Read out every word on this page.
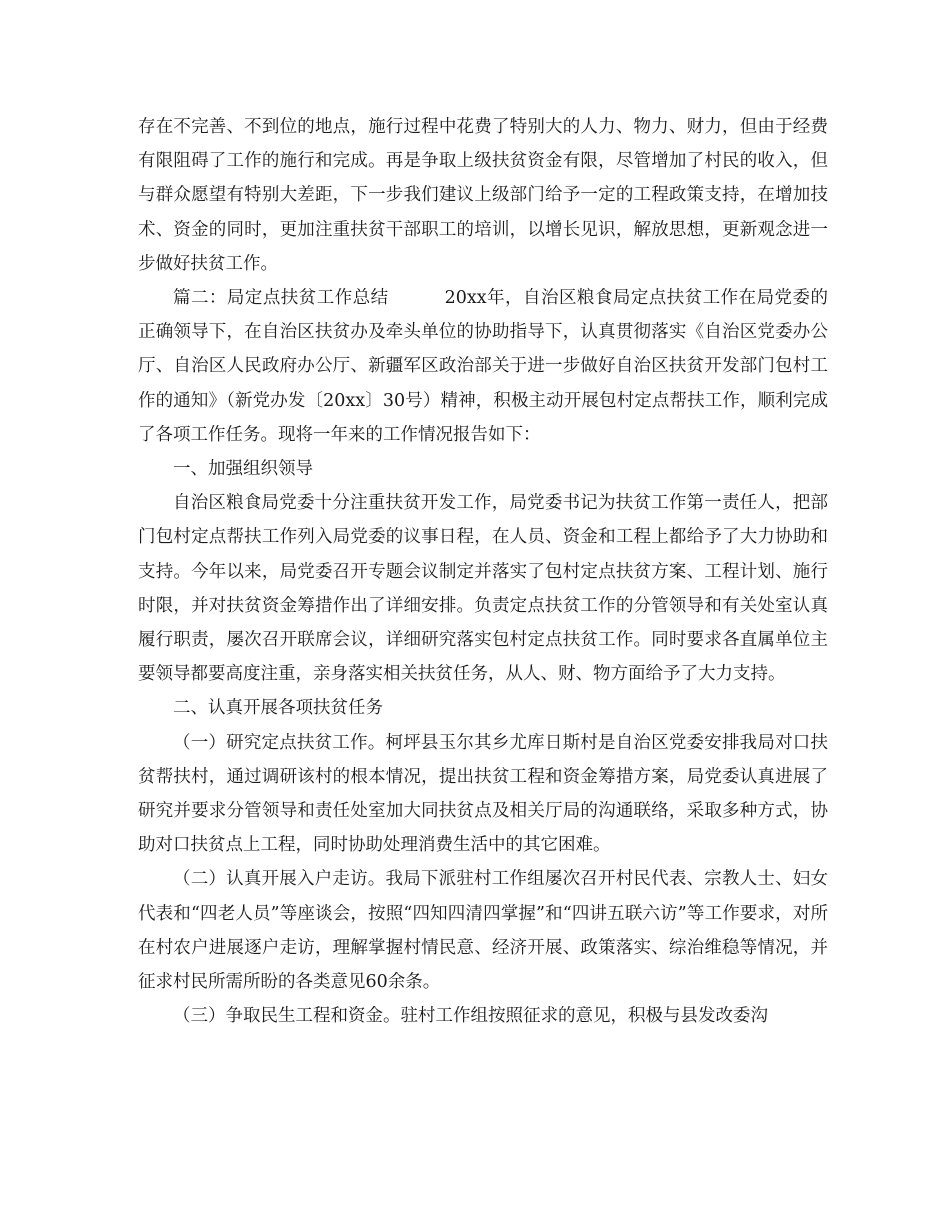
存在不完善、不到位的地点，施行过程中花费了特别大的人力、物力、财力，但由于经费有限阻碍了工作的施行和完成。再是争取上级扶贫资金有限，尽管增加了村民的收入，但与群众愿望有特别大差距，下一步我们建议上级部门给予一定的工程政策支持，在增加技术、资金的同时，更加注重扶贫干部职工的培训，以增长见识，解放思想，更新观念进一步做好扶贫工作。

篇二：局定点扶贫工作总结	20xx年，自治区粮食局定点扶贫工作在局党委的正确领导下，在自治区扶贫办及牵头单位的协助指导下，认真贯彻落实《自治区党委办公厅、自治区人民政府办公厅、新疆军区政治部关于进一步做好自治区扶贫开发部门包村工作的通知》（新党办发〔20xx〕30号）精神，积极主动开展包村定点帮扶工作，顺利完成了各项工作任务。现将一年来的工作情况报告如下：

一、加强组织领导

自治区粮食局党委十分注重扶贫开发工作，局党委书记为扶贫工作第一责任人，把部门包村定点帮扶工作列入局党委的议事日程，在人员、资金和工程上都给予了大力协助和支持。今年以来，局党委召开专题会议制定并落实了包村定点扶贫方案、工程计划、施行时限，并对扶贫资金筹措作出了详细安排。负责定点扶贫工作的分管领导和有关处室认真履行职责，屡次召开联席会议，详细研究落实包村定点扶贫工作。同时要求各直属单位主要领导都要高度注重，亲身落实相关扶贫任务，从人、财、物方面给予了大力支持。

二、认真开展各项扶贫任务

（一）研究定点扶贫工作。柯坪县玉尔其乡尤库日斯村是自治区党委安排我局对口扶贫帮扶村，通过调研该村的根本情况，提出扶贫工程和资金筹措方案，局党委认真进展了研究并要求分管领导和责任处室加大同扶贫点及相关厅局的沟通联络，采取多种方式，协助对口扶贫点上工程，同时协助处理消费生活中的其它困难。

（二）认真开展入户走访。我局下派驻村工作组屡次召开村民代表、宗教人士、妇女代表和“四老人员”等座谈会，按照“四知四清四掌握”和“四讲五联六访”等工作要求，对所在村农户进展逐户走访，理解掌握村情民意、经济开展、政策落实、综治维稳等情况，并征求村民所需所盼的各类意见60余条。

（三）争取民生工程和资金。驻村工作组按照征求的意见，积极与县发改委沟
